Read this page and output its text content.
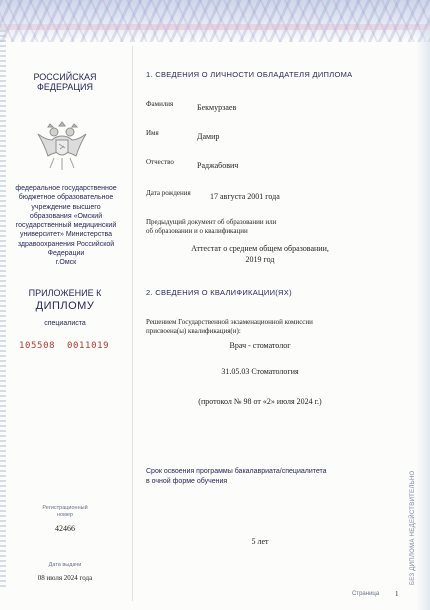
РОССИЙСКАЯ
ФЕДЕРАЦИЯ
федеральное государственное
бюджетное образовательное
учреждение высшего
образования «Омский
государственный медицинский
университет» Министерства
здравоохранения Российской
Федерации
г.Омск
ПРИЛОЖЕНИЕ К
ДИПЛОМУ
специалиста
105508 0011019
Регистрационный
номер
42466
Дата выдачи
08 июля 2024 года
1. СВЕДЕНИЯ О ЛИЧНОСТИ ОБЛАДАТЕЛЯ ДИПЛОМА
Фамилия	Бекмурзаев
Имя	Дамир
Отчество	Раджабович
Дата рождения 17 августа 2001 года
Предыдущий документ об образовании или
об образовании и о квалификации
Аттестат о среднем общем образовании,
2019 год
2. СВЕДЕНИЯ О КВАЛИФИКАЦИИ(ЯХ)
Решением Государственной экзаменационной комиссии
присвоена(ы) квалификация(и):
Врач - стоматолог
31.05.03 Стоматология
(протокол № 98 от «2» июля 2024 г.)
Срок освоения программы бакалавриата/специалитета
в очной форме обучения
5 лет
Страница 1
БЕЗ ДИПЛОМА НЕДЕЙСТВИТЕЛЬНО
